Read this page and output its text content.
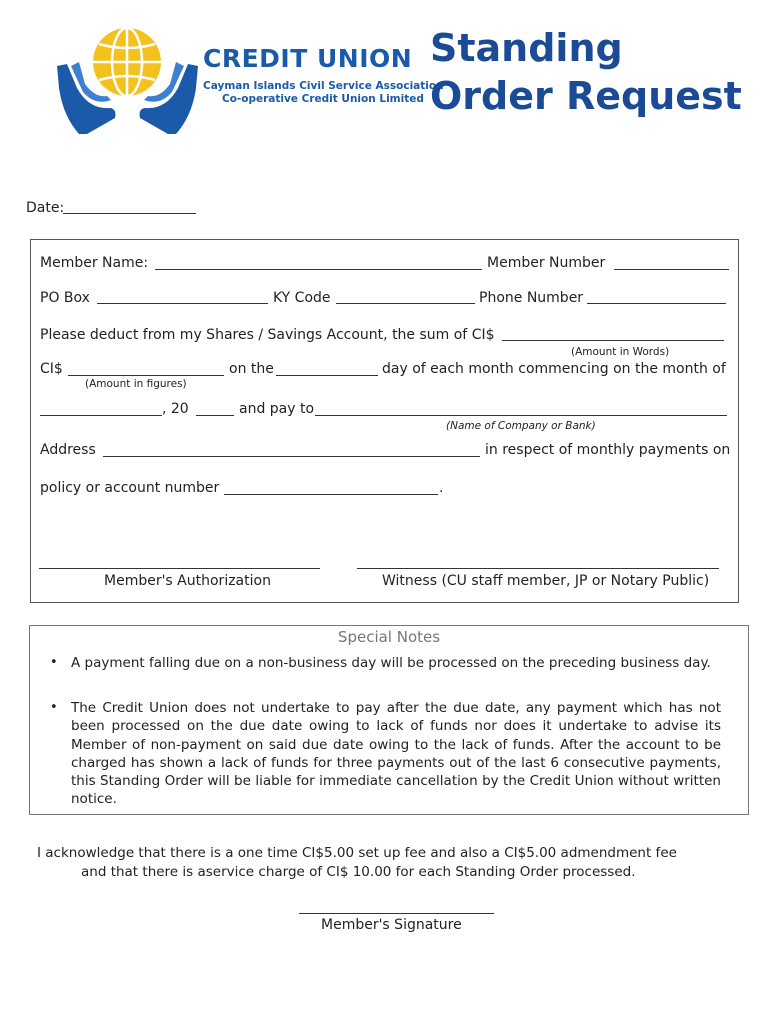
CREDIT UNION
Cayman Islands Civil Service Association
Co-operative Credit Union Limited
Standing
Order Request
Date:
Member Name:	Member Number
PO Box	KY Code	Phone Number
Please deduct from my Shares / Savings Account, the sum of CI$
(Amount in Words)
CI$	on the	day of each month commencing on the month of
(Amount in figures)
, 20	and pay to
(Name of Company or Bank)
Address	in respect of monthly payments on
policy or account number	.
Member's Authorization	Witness (CU staff member, JP or Notary Public)
Special Notes
• A payment falling due on a non-business day will be processed on the preceding business day.
• The Credit Union does not undertake to pay after the due date, any payment which has not been processed on the due date owing to lack of funds nor does it undertake to advise its Member of non-payment on said due date owing to the lack of funds. After the account to be charged has shown a lack of funds for three payments out of the last 6 consecutive payments, this Standing Order will be liable for immediate cancellation by the Credit Union without written notice.
I acknowledge that there is a one time CI$5.00 set up fee and also a CI$5.00 admendment fee
and that there is aservice charge of CI$ 10.00 for each Standing Order processed.
Member's Signature
